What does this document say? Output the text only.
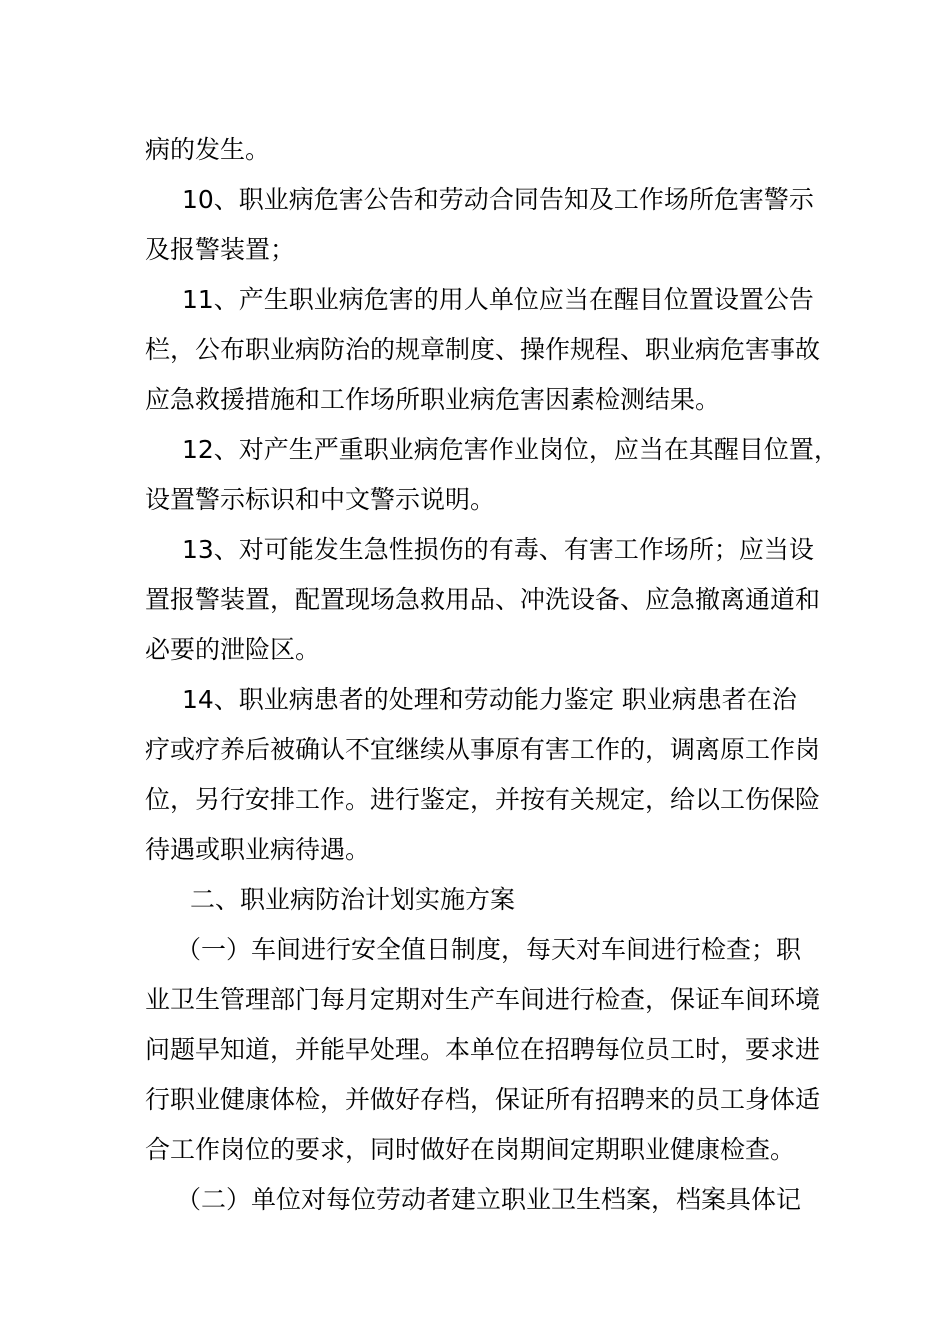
病的发生。
10、职业病危害公告和劳动合同告知及工作场所危害警示
及报警装置；
11、产生职业病危害的用人单位应当在醒目位置设置公告
栏，公布职业病防治的规章制度、操作规程、职业病危害事故
应急救援措施和工作场所职业病危害因素检测结果。
12、对产生严重职业病危害作业岗位，应当在其醒目位置，
设置警示标识和中文警示说明。
13、对可能发生急性损伤的有毒、有害工作场所；应当设
置报警装置，配置现场急救用品、冲洗设备、应急撤离通道和
必要的泄险区。
14、职业病患者的处理和劳动能力鉴定 职业病患者在治
疗或疗养后被确认不宜继续从事原有害工作的，调离原工作岗
位，另行安排工作。进行鉴定，并按有关规定，给以工伤保险
待遇或职业病待遇。
二、职业病防治计划实施方案
（一）车间进行安全值日制度，每天对车间进行检查；职
业卫生管理部门每月定期对生产车间进行检查，保证车间环境
问题早知道，并能早处理。本单位在招聘每位员工时，要求进
行职业健康体检，并做好存档，保证所有招聘来的员工身体适
合工作岗位的要求，同时做好在岗期间定期职业健康检查。
（二）单位对每位劳动者建立职业卫生档案，档案具体记
